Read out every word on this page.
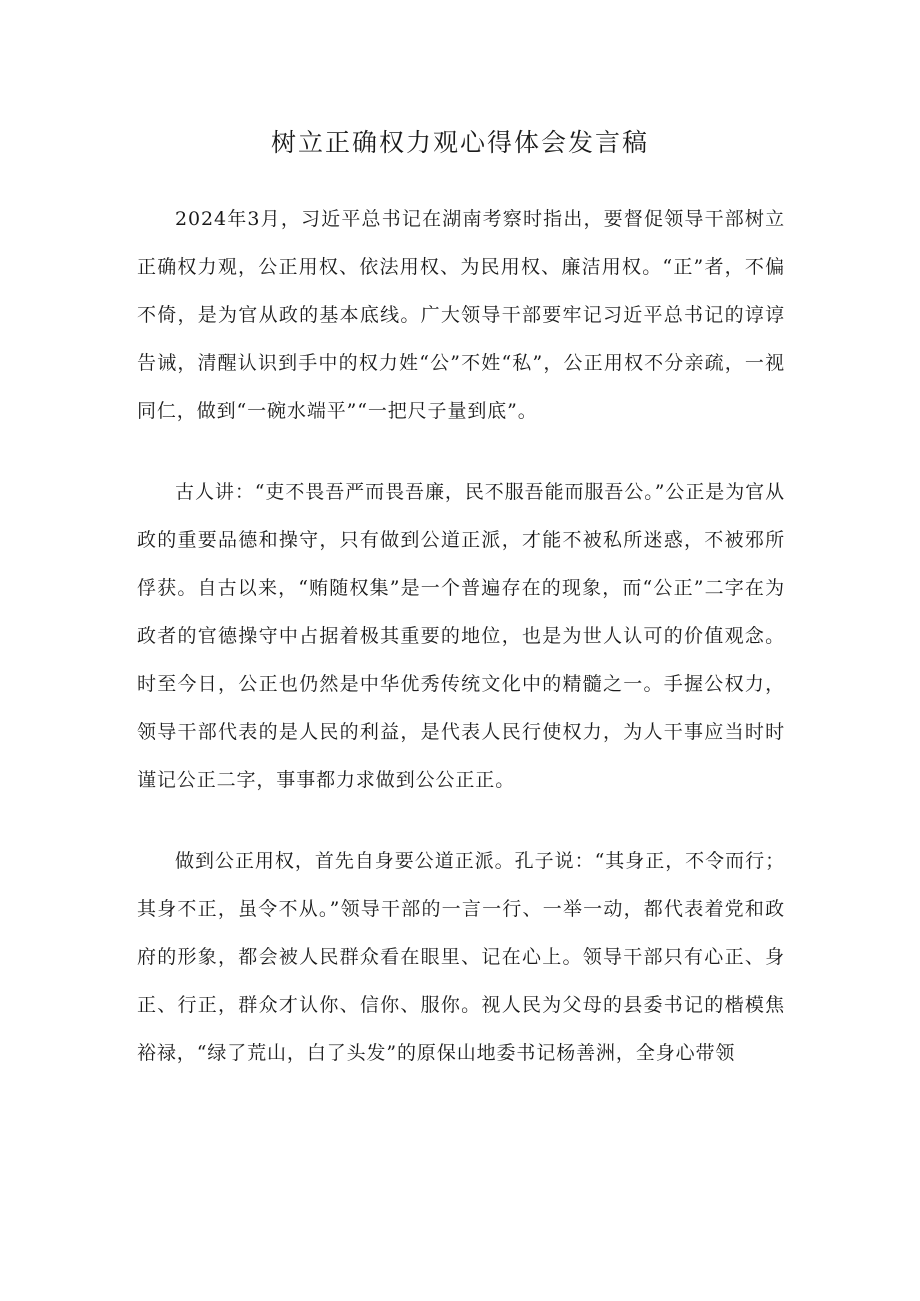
树立正确权力观心得体会发言稿

2024年3月，习近平总书记在湖南考察时指出，要督促领导干部树立正确权力观，公正用权、依法用权、为民用权、廉洁用权。“正”者，不偏不倚，是为官从政的基本底线。广大领导干部要牢记习近平总书记的谆谆告诫，清醒认识到手中的权力姓“公”不姓“私”，公正用权不分亲疏，一视同仁，做到“一碗水端平”“一把尺子量到底”。

古人讲：“吏不畏吾严而畏吾廉，民不服吾能而服吾公。”公正是为官从政的重要品德和操守，只有做到公道正派，才能不被私所迷惑，不被邪所俘获。自古以来，“贿随权集”是一个普遍存在的现象，而“公正”二字在为政者的官德操守中占据着极其重要的地位，也是为世人认可的价值观念。时至今日，公正也仍然是中华优秀传统文化中的精髓之一。手握公权力，领导干部代表的是人民的利益，是代表人民行使权力，为人干事应当时时谨记公正二字，事事都力求做到公公正正。

做到公正用权，首先自身要公道正派。孔子说：“其身正，不令而行；其身不正，虽令不从。”领导干部的一言一行、一举一动，都代表着党和政府的形象，都会被人民群众看在眼里、记在心上。领导干部只有心正、身正、行正，群众才认你、信你、服你。视人民为父母的县委书记的楷模焦裕禄，“绿了荒山，白了头发”的原保山地委书记杨善洲，全身心带领
